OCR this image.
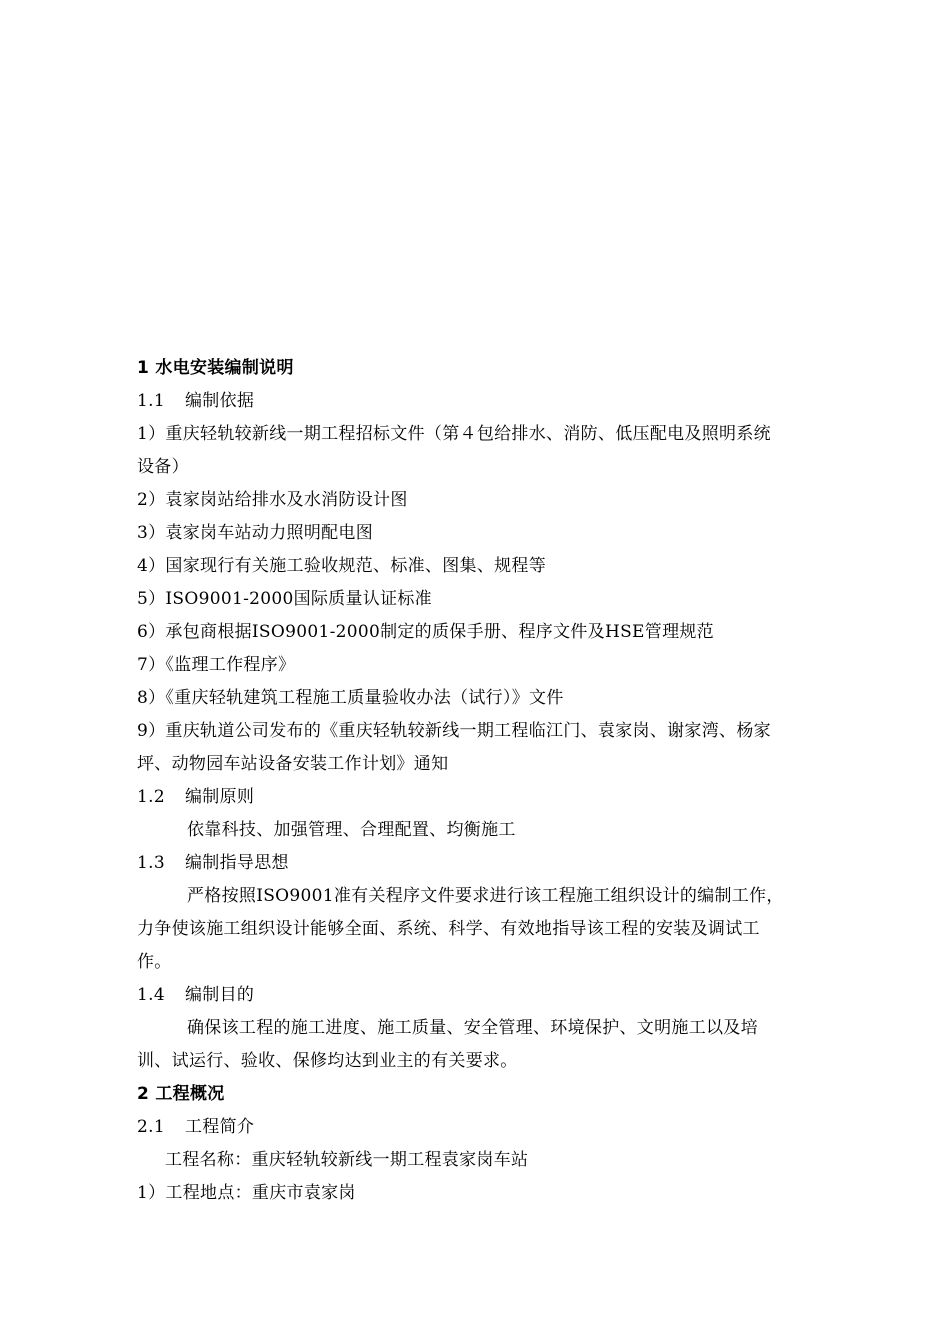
1 水电安装编制说明
1.1 编制依据
1）重庆轻轨较新线一期工程招标文件（第４包给排水、消防、低压配电及照明系统
设备）
2）袁家岗站给排水及水消防设计图
3）袁家岗车站动力照明配电图
4）国家现行有关施工验收规范、标准、图集、规程等
5）ISO9001-2000国际质量认证标准
6）承包商根据ISO9001-2000制定的质保手册、程序文件及HSE管理规范
7）《监理工作程序》
8）《重庆轻轨建筑工程施工质量验收办法（试行）》文件
9）重庆轨道公司发布的《重庆轻轨较新线一期工程临江门、袁家岗、谢家湾、杨家
坪、动物园车站设备安装工作计划》通知
1.2 编制原则
依靠科技、加强管理、合理配置、均衡施工
1.3 编制指导思想
严格按照ISO9001准有关程序文件要求进行该工程施工组织设计的编制工作，
力争使该施工组织设计能够全面、系统、科学、有效地指导该工程的安装及调试工
作。
1.4 编制目的
确保该工程的施工进度、施工质量、安全管理、环境保护、文明施工以及培
训、试运行、验收、保修均达到业主的有关要求。
2 工程概况
2.1 工程简介
工程名称：重庆轻轨较新线一期工程袁家岗车站
1）工程地点：重庆市袁家岗
